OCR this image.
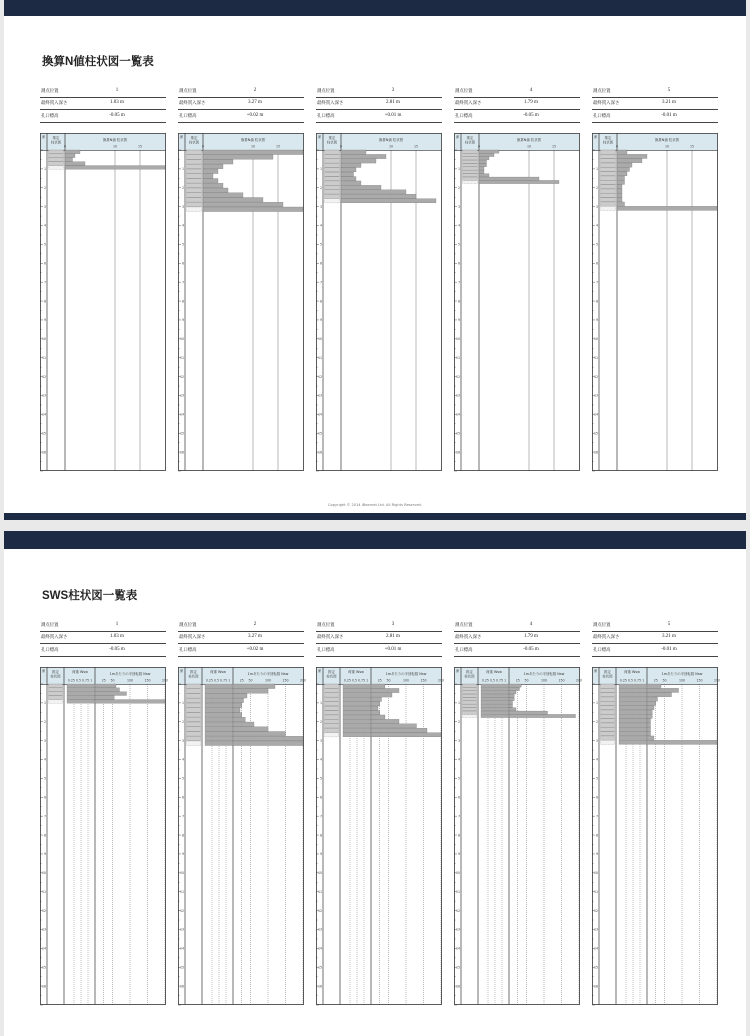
換算N値柱状図一覧表
測点位置	1
最終貫入深さ	1.03 m
孔口標高	-0.05 m
深 推定
柱状図
換算N値 柱状図
0	10	15
1
2
3
4
5
6
7
8
9
10
11
12
13
14
15
16
測点位置	2
最終貫入深さ	3.27 m
孔口標高	+0.02 m
深 推定
柱状図
換算N値 柱状図
0	10	15
1
2
3
4
5
6
7
8
9
10
11
12
13
14
15
16
測点位置	3
最終貫入深さ	2.81 m
孔口標高	+0.01 m
深 推定
柱状図
換算N値 柱状図
0	10	15
1
2
3
4
5
6
7
8
9
10
11
12
13
14
15
16
測点位置	4
最終貫入深さ	1.79 m
孔口標高	-0.05 m
深 推定
柱状図
換算N値 柱状図
0	10	15
1
2
3
4
5
6
7
8
9
10
11
12
13
14
15
16
測点位置	5
最終貫入深さ	3.21 m
孔口標高	-0.01 m
深 推定
柱状図
換算N値 柱状図
0	10	15
1
2
3
4
5
6
7
8
9
10
11
12
13
14
15
16
Copyright © 2014 iBearnet Ltd. All Rights Reserved.
SWS柱状図一覧表
測点位置	1
最終貫入深さ	1.03 m
孔口標高	-0.05 m
深 推定
柱状図
1mあたりの半回転数 Nsw
荷重 Wsw
0.25 0.5 0.75 1	25 50	100	150	200
1
2
3
4
5
6
7
8
9
10
11
12
13
14
15
16
測点位置	2
最終貫入深さ	3.27 m
孔口標高	+0.02 m
深 推定
柱状図
1mあたりの半回転数 Nsw
荷重 Wsw
0.25 0.5 0.75 1	25 50	100	150	200
1
2
3
4
5
6
7
8
9
10
11
12
13
14
15
16
測点位置	3
最終貫入深さ	2.81 m
孔口標高	+0.01 m
深 推定
柱状図
1mあたりの半回転数 Nsw
荷重 Wsw
0.25 0.5 0.75 1	25 50	100	150	200
1
2
3
4
5
6
7
8
9
10
11
12
13
14
15
16
測点位置	4
最終貫入深さ	1.79 m
孔口標高	-0.05 m
深 推定
柱状図
1mあたりの半回転数 Nsw
荷重 Wsw
0.25 0.5 0.75 1	25 50	100	150	200
1
2
3
4
5
6
7
8
9
10
11
12
13
14
15
16
測点位置	5
最終貫入深さ	3.21 m
孔口標高	-0.01 m
深 推定
柱状図
1mあたりの半回転数 Nsw
荷重 Wsw
0.25 0.5 0.75 1	25 50	100	150	200
1
2
3
4
5
6
7
8
9
10
11
12
13
14
15
16
